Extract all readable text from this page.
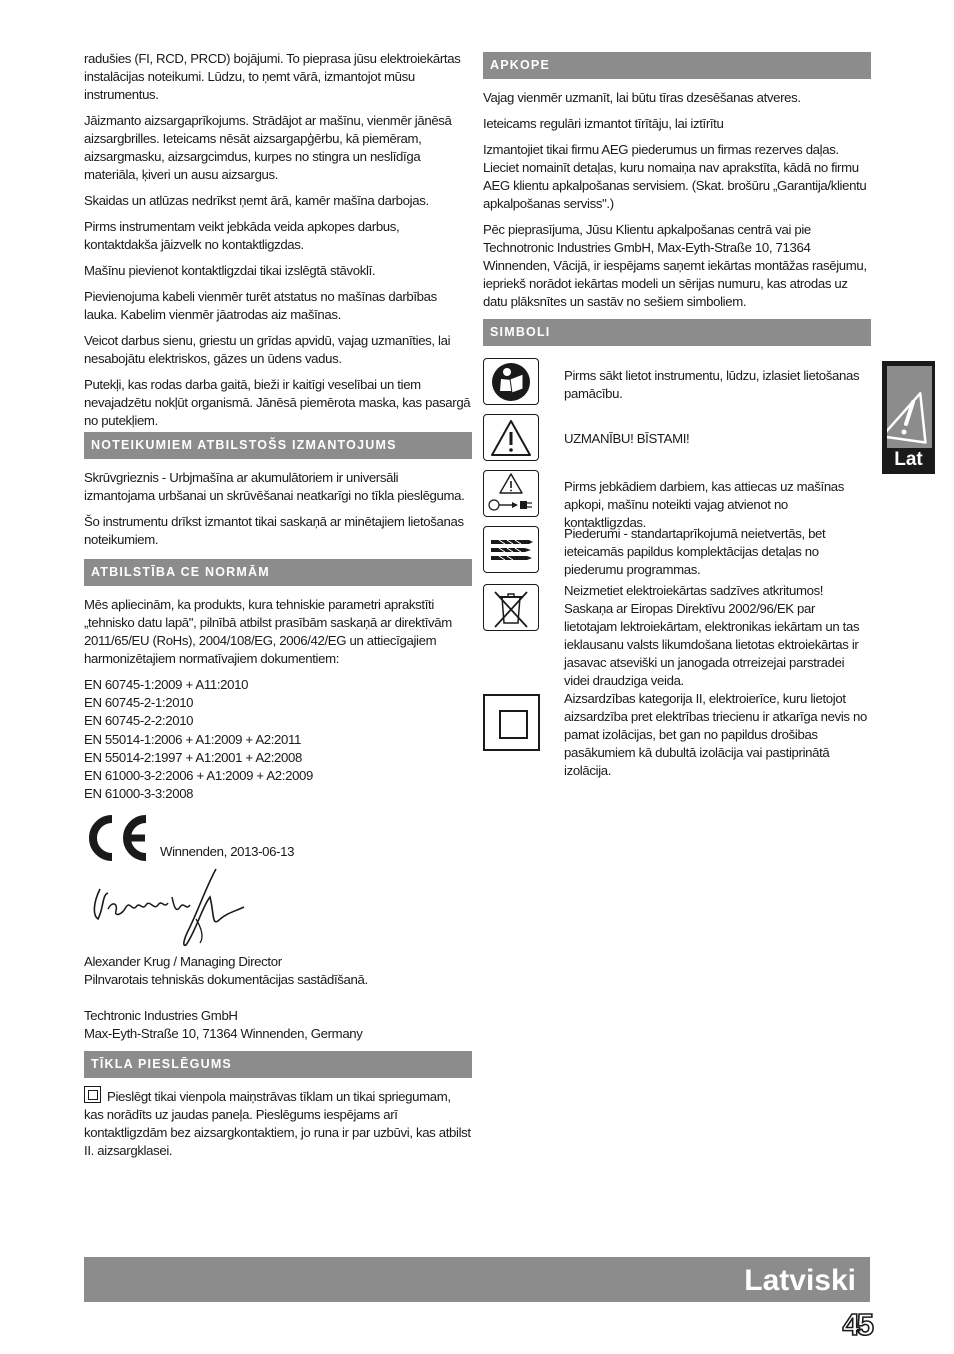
radušies (FI, RCD, PRCD) bojājumi. To pieprasa jūsu elektroiekārtas instalācijas noteikumi. Lūdzu, to ņemt vārā, izmantojot mūsu instrumentus.

Jāizmanto aizsargaprīkojums. Strādājot ar mašīnu, vienmēr jānēsā aizsargbrilles. Ieteicams nēsāt aizsargapģērbu, kā piemēram, aizsargmasku, aizsargcimdus, kurpes no stingra un neslīdīga materiāla, ķiveri un ausu aizsargus.

Skaidas un atlūzas nedrīkst ņemt ārā, kamēr mašīna darbojas.

Pirms instrumentam veikt jebkāda veida apkopes darbus, kontaktdakšа jāizvelk no kontaktligzdas.

Mašīnu pievienot kontaktligzdai tikai izslēgtā stāvoklī.

Pievienojuma kabeli vienmēr turēt atstatus no mašīnas darbības lauka. Kabelim vienmēr jāatrodas aiz mašīnas.

Veicot darbus sienu, griestu un grīdas apvidū, vajag uzmanīties, lai nesabojātu elektriskos, gāzes un ūdens vadus.

Putekļi, kas rodas darba gaitā, bieži ir kaitīgi veselībai un tiem nevajadzētu nokļūt organismā. Jānēsā piemērota maska, kas pasargā no putekļiem.

NOTEIKUMIEM ATBILSTOŠS IZMANTOJUMS

Skrūvgrieznis - Urbjmašīna ar akumulātoriem ir universāli izmantojama urbšanai un skrūvēšanai neatkarīgi no tīkla pieslēguma.

Šo instrumentu drīkst izmantot tikai saskaņā ar minētajiem lietošanas noteikumiem.

ATBILSTĪBA CE NORMĀM

Mēs apliecinām, ka produkts, kura tehniskie parametri aprakstīti „tehnisko datu lapā", pilnībā atbilst prasībām saskaņā ar direktīvām 2011/65/EU (RoHs), 2004/108/EG, 2006/42/EG un attiecīgajiem harmonizētajiem normatīvajiem dokumentiem:

EN 60745-1:2009 + A11:2010
EN 60745-2-1:2010
EN 60745-2-2:2010
EN 55014-1:2006 + A1:2009 + A2:2011
EN 55014-2:1997 + A1:2001 + A2:2008
EN 61000-3-2:2006 + A1:2009 + A2:2009
EN 61000-3-3:2008
Winnenden, 2013-06-13
Alexander Krug / Managing Director
Pilnvarotais tehniskās dokumentācijas sastādīšanā.
Techtronic Industries GmbH
Max-Eyth-Straße 10, 71364 Winnenden, Germany
TĪKLA PIESLĒGUMS

Pieslēgt tikai vienpola maiņstrāvas tīklam un tikai spriegumam, kas norādīts uz jaudas paneļa. Pieslēgums iespējams arī kontaktligzdām bez aizsargkontaktiem, jo runa ir par uzbūvi, kas atbilst II. aizsargklasei.

APKOPE

Vajag vienmēr uzmanīt, lai būtu tīras dzesēšanas atveres.

Ieteicams regulāri izmantot tīrītāju, lai iztīrītu

Izmantojiet tikai firmu AEG piederumus un firmas rezerves daļas. Lieciet nomainīt detaļas, kuru nomaiņa nav aprakstīta, kādā no firmu AEG klientu apkalpošanas servisiem. (Skat. brošūru „Garantija/klientu apkalpošanas serviss".)

Pēc pieprasījuma, Jūsu Klientu apkalpošanas centrā vai pie Technotronic Industries GmbH, Max-Eyth-Straße 10, 71364 Winnenden, Vācijā, ir iespējams saņemt iekārtas montāžas rasējumu, iepriekš norādot iekārtas modeli un sērijas numuru, kas atrodas uz datu plāksnītes un sastāv no sešiem simboliem.

SIMBOLI
Pirms sākt lietot instrumentu, lūdzu, izlasiet lietošanas pamācību.
UZMANĪBU! BĪSTAMI!
Pirms jebkādiem darbiem, kas attiecas uz mašīnas apkopi, mašīnu noteikti vajag atvienot no kontaktligzdas.
Piederumi - standartaprīkojumā neietvertās, bet ieteicamās papildus komplektācijas detaļas no piederumu programmas.
Neizmetiet elektroiekārtas sadzīves atkritumos! Saskaņa ar Eiropas Direktīvu 2002/96/EK par lietotajam lektroiekārtam, elektronikas iekārtam un tas ieklausanu valsts likumdošana lietotas ektroiekārtas ir jasavac atseviški un janogada otrreizejai parstradei videi draudziga veida.
Aizsardzības kategorija II, elektroierīce, kuru lietojot aizsardzība pret elektrības triecienu ir atkarīga nevis no pamat izolācijas, bet gan no papildus drošibas pasākumiem kā dubultā izolācija vai pastiprinātā izolācija.
Lat
Latviski
45
